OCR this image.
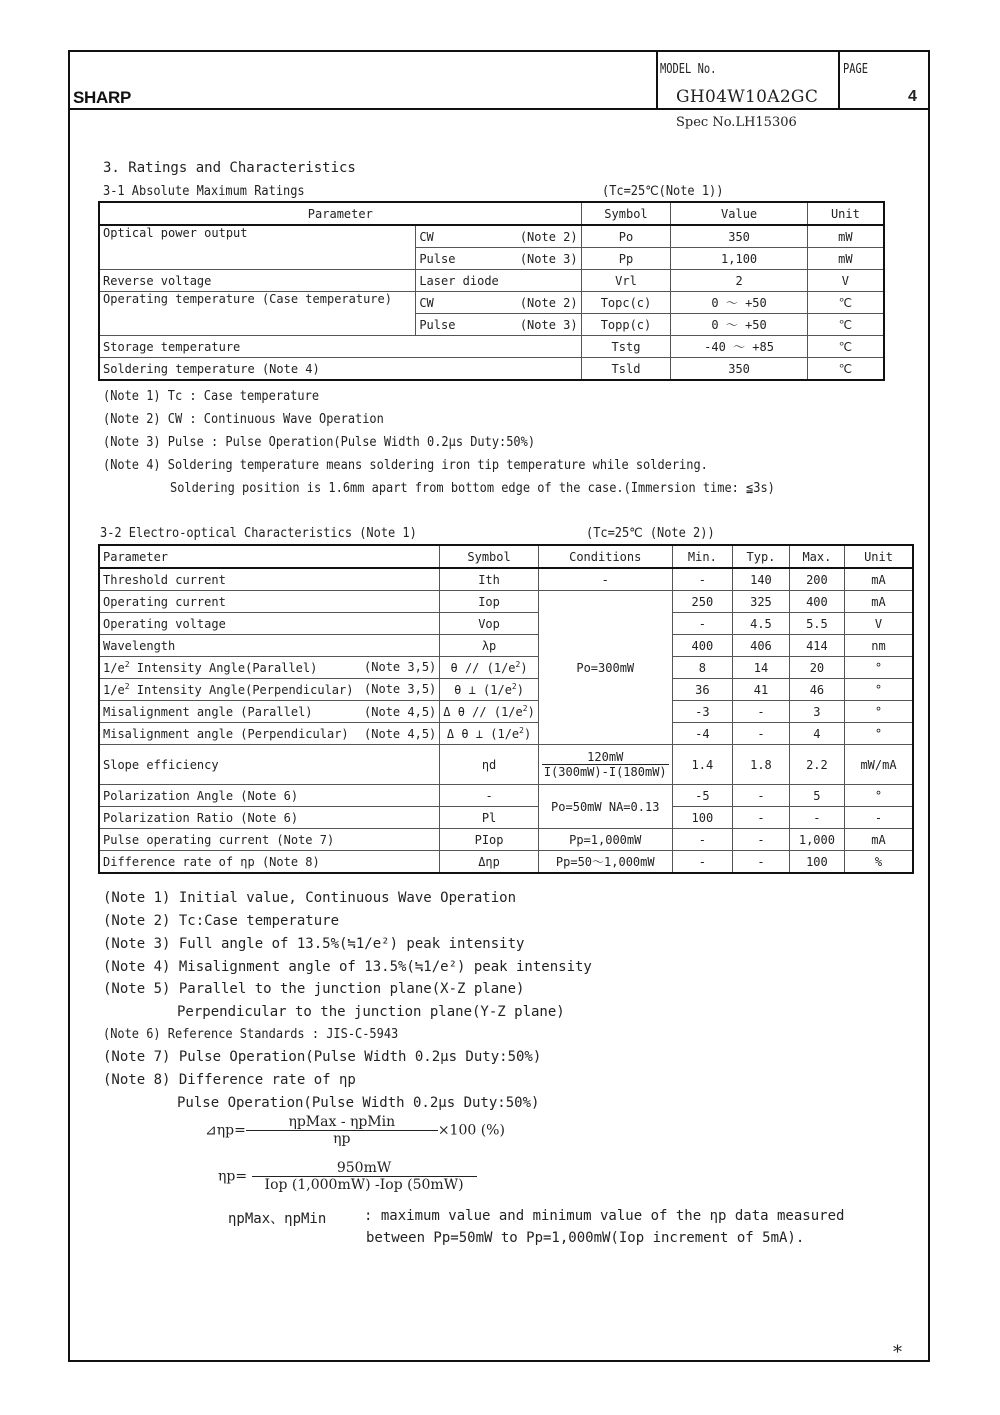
SHARP
MODEL No.
GH04W10A2GC
PAGE
4
Spec No.LH15306
3. Ratings and Characteristics
3-1 Absolute Maximum Ratings	(Tc=25℃(Note 1))
Parameter		Symbol	Value	Unit
Optical power output	CW (Note 2)	Po	350	mW
	Pulse (Note 3)	Pp	1,100	mW
Reverse voltage	Laser diode	Vrl	2	V
Operating temperature (Case temperature)	CW (Note 2)	Topc(c)	0 ～ +50	℃
	Pulse (Note 3)	Topp(c)	0 ～ +50	℃
Storage temperature		Tstg	-40 ～ +85	℃
Soldering temperature (Note 4)		Tsld	350	℃
(Note 1) Tc : Case temperature
(Note 2) CW : Continuous Wave Operation
(Note 3) Pulse : Pulse Operation(Pulse Width 0.2μs Duty:50%)
(Note 4) Soldering temperature means soldering iron tip temperature while soldering.
Soldering position is 1.6mm apart from bottom edge of the case.(Immersion time: ≦3s)
3-2 Electro-optical Characteristics (Note 1)	(Tc=25℃ (Note 2))
Parameter	Symbol	Conditions	Min.	Typ.	Max.	Unit
Threshold current	Ith	-	-	140	200	mA
Operating current	Iop	Po=300mW	250	325	400	mA
Operating voltage	Vop		-	4.5	5.5	V
Wavelength	λp		400	406	414	nm
$1/e^2$ Intensity Angle(Parallel) (Note 3,5)	θ // $(1/e^2)$		8	14	20	°
$1/e^2$ Intensity Angle(Perpendicular) (Note 3,5)	θ ⊥ $(1/e^2)$		36	41	46	°
Misalignment angle (Parallel) (Note 4,5)	Δ θ // $(1/e^2)$		-3	-	3	°
Misalignment angle (Perpendicular) (Note 4,5)	Δ θ ⊥ $(1/e^2)$		-4	-	4	°
Slope efficiency	ηd	$\frac{120mW}{I(300mW)-I(180mW)}$	1.4	1.8	2.2	mW/mA
Polarization Angle (Note 6)	-	Po=50mW NA=0.13	-5	-	5	°
Polarization Ratio (Note 6)	Pl		100	-	-	-
Pulse operating current (Note 7)	PIop	Pp=1,000mW	-	-	1,000	mA
Difference rate of ηp (Note 8)	Δηp	Pp=50～1,000mW	-	-	100	%
(Note 1) Initial value, Continuous Wave Operation
(Note 2) Tc:Case temperature
(Note 3) Full angle of 13.5%(≒1/e²) peak intensity
(Note 4) Misalignment angle of 13.5%(≒1/e²) peak intensity
(Note 5) Parallel to the junction plane(X-Z plane)
Perpendicular to the junction plane(Y-Z plane)
(Note 6) Reference Standards : JIS-C-5943
(Note 7) Pulse Operation(Pulse Width 0.2μs Duty:50%)
(Note 8) Difference rate of ηp
Pulse Operation(Pulse Width 0.2μs Duty:50%)
⊿ηp= $\frac{\text{ηpMax - ηpMin}}{\eta p} \times 100$ (%)
$\eta p= \frac{950mW}{\text{Iop (1,000mW) -Iop (50mW)}}$
ηpMax、ηpMin	: maximum value and minimum value of the ηp data measured
between Pp=50mW to Pp=1,000mW(Iop increment of 5mA).
*
